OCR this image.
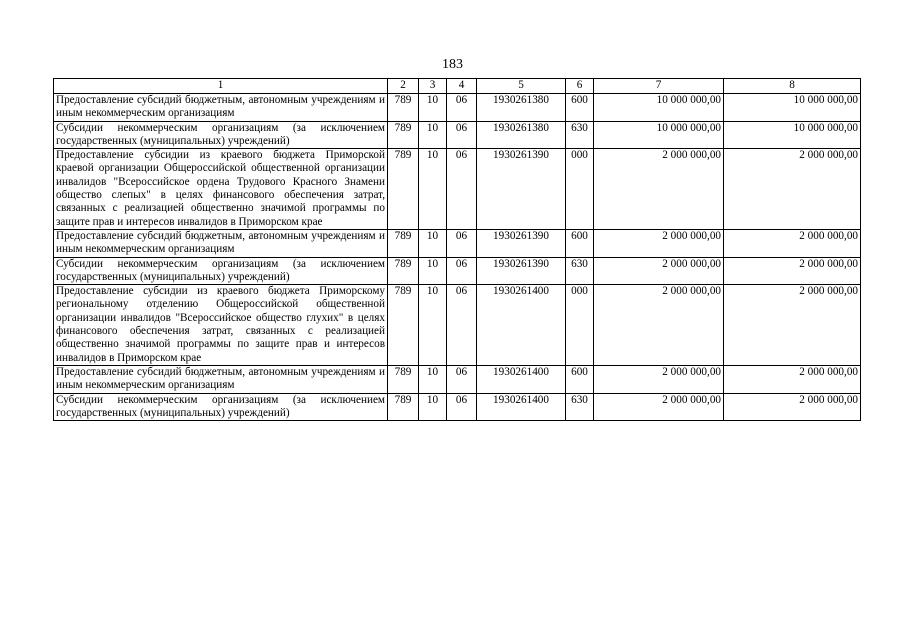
183
1	2	3	4	5	6	7	8

Предоставление субсидий бюджетным, автономным учреждениям и иным некоммерческим организациям	789	10	06	1930261380	600	10 000 000,00	10 000 000,00

Субсидии некоммерческим организациям (за исключением государственных (муниципальных) учреждений)	789	10	06	1930261380	630	10 000 000,00	10 000 000,00

Предоставление субсидии из краевого бюджета Приморской краевой организации Общероссийской общественной организации инвалидов "Всероссийское ордена Трудового Красного Знамени общество слепых" в целях финансового обеспечения затрат, связанных с реализацией общественно значимой программы по защите прав и интересов инвалидов в Приморском крае	789	10	06	1930261390	000	2 000 000,00	2 000 000,00

Предоставление субсидий бюджетным, автономным учреждениям и иным некоммерческим организациям	789	10	06	1930261390	600	2 000 000,00	2 000 000,00

Субсидии некоммерческим организациям (за исключением государственных (муниципальных) учреждений)	789	10	06	1930261390	630	2 000 000,00	2 000 000,00

Предоставление субсидии из краевого бюджета Приморскому региональному отделению Общероссийской общественной организации инвалидов "Всероссийское общество глухих" в целях финансового обеспечения затрат, связанных с реализацией общественно значимой программы по защите прав и интересов инвалидов в Приморском крае	789	10	06	1930261400	000	2 000 000,00	2 000 000,00

Предоставление субсидий бюджетным, автономным учреждениям и иным некоммерческим организациям	789	10	06	1930261400	600	2 000 000,00	2 000 000,00

Субсидии некоммерческим организациям (за исключением государственных (муниципальных) учреждений)	789	10	06	1930261400	630	2 000 000,00	2 000 000,00
